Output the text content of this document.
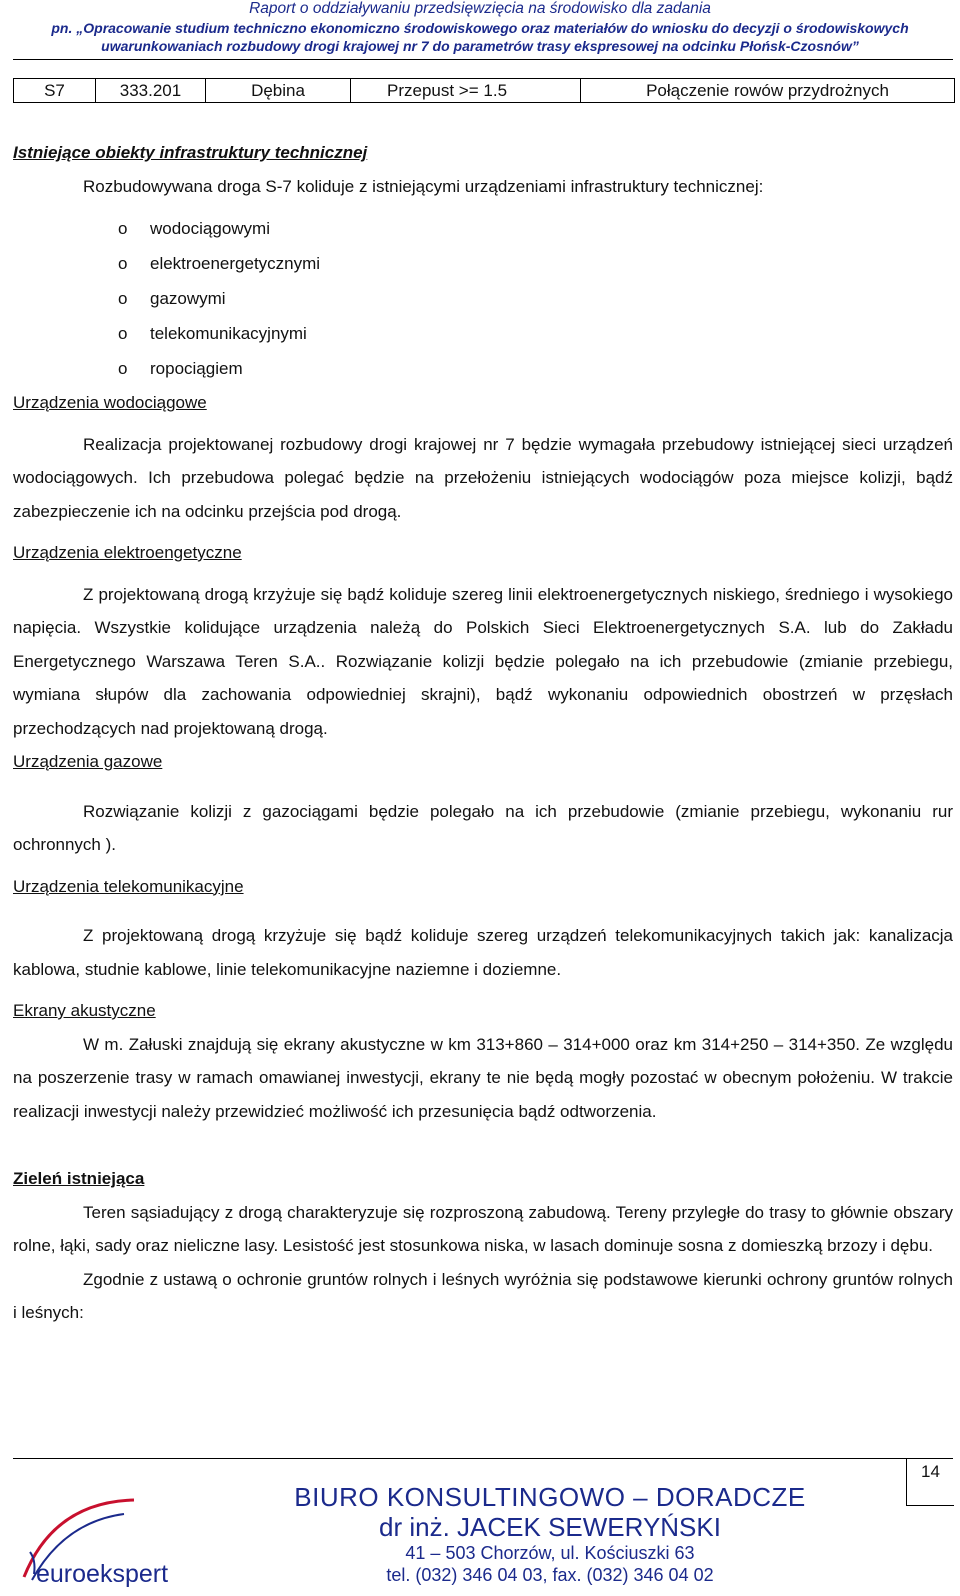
Raport o oddziaływaniu przedsięwzięcia na środowisko dla zadania
pn. „Opracowanie studium techniczno ekonomiczno środowiskowego oraz materiałów do wniosku do decyzji o środowiskowych
uwarunkowaniach rozbudowy drogi krajowej nr 7 do parametrów trasy ekspresowej na odcinku Płońsk-Czosnów”
S7	333.201	Dębina	Przepust >= 1.5	Połączenie rowów przydrożnych

Istniejące obiekty infrastruktury technicznej

Rozbudowywana droga S-7 koliduje z istniejącymi urządzeniami infrastruktury technicznej:

o wodociągowymi
o elektroenergetycznymi
o gazowymi
o telekomunikacyjnymi
o ropociągiem

Urządzenia wodociągowe

Realizacja projektowanej rozbudowy drogi krajowej nr 7 będzie wymagała przebudowy istniejącej sieci urządzeń wodociągowych. Ich przebudowa polegać będzie na przełożeniu istniejących wodociągów poza miejsce kolizji, bądź zabezpieczenie ich na odcinku przejścia pod drogą.

Urządzenia elektroengetyczne

Z projektowaną drogą krzyżuje się bądź koliduje szereg linii elektroenergetycznych niskiego, średniego i wysokiego napięcia. Wszystkie kolidujące urządzenia należą do Polskich Sieci Elektroenergetycznych S.A. lub do Zakładu Energetycznego Warszawa Teren S.A.. Rozwiązanie kolizji będzie polegało na ich przebudowie (zmianie przebiegu, wymiana słupów dla zachowania odpowiedniej skrajni), bądź wykonaniu odpowiednich obostrzeń w przęsłach przechodzących nad projektowaną drogą.

Urządzenia gazowe

Rozwiązanie kolizji z gazociągami będzie polegało na ich przebudowie (zmianie przebiegu, wykonaniu rur ochronnych ).

Urządzenia telekomunikacyjne

Z projektowaną drogą krzyżuje się bądź koliduje szereg urządzeń telekomunikacyjnych takich jak: kanalizacja kablowa, studnie kablowe, linie telekomunikacyjne naziemne i doziemne.

Ekrany akustyczne

W m. Załuski znajdują się ekrany akustyczne w km 313+860 – 314+000 oraz km 314+250 – 314+350. Ze względu na poszerzenie trasy w ramach omawianej inwestycji, ekrany te nie będą mogły pozostać w obecnym położeniu. W trakcie realizacji inwestycji należy przewidzieć możliwość ich przesunięcia bądź odtworzenia.

Zieleń istniejąca

Teren sąsiadujący z drogą charakteryzuje się rozproszoną zabudową. Tereny przyległe do trasy to głównie obszary rolne, łąki, sady oraz nieliczne lasy. Lesistość jest stosunkowa niska, w lasach dominuje sosna z domieszką brzozy i dębu.

Zgodnie z ustawą o ochronie gruntów rolnych i leśnych wyróżnia się podstawowe kierunki ochrony gruntów rolnych i leśnych:

14
euroekspert
BIURO KONSULTINGOWO – DORADCZE
dr inż. JACEK SEWERYŃSKI
41 – 503 Chorzów, ul. Kościuszki 63
tel. (032) 346 04 03, fax. (032) 346 04 02
